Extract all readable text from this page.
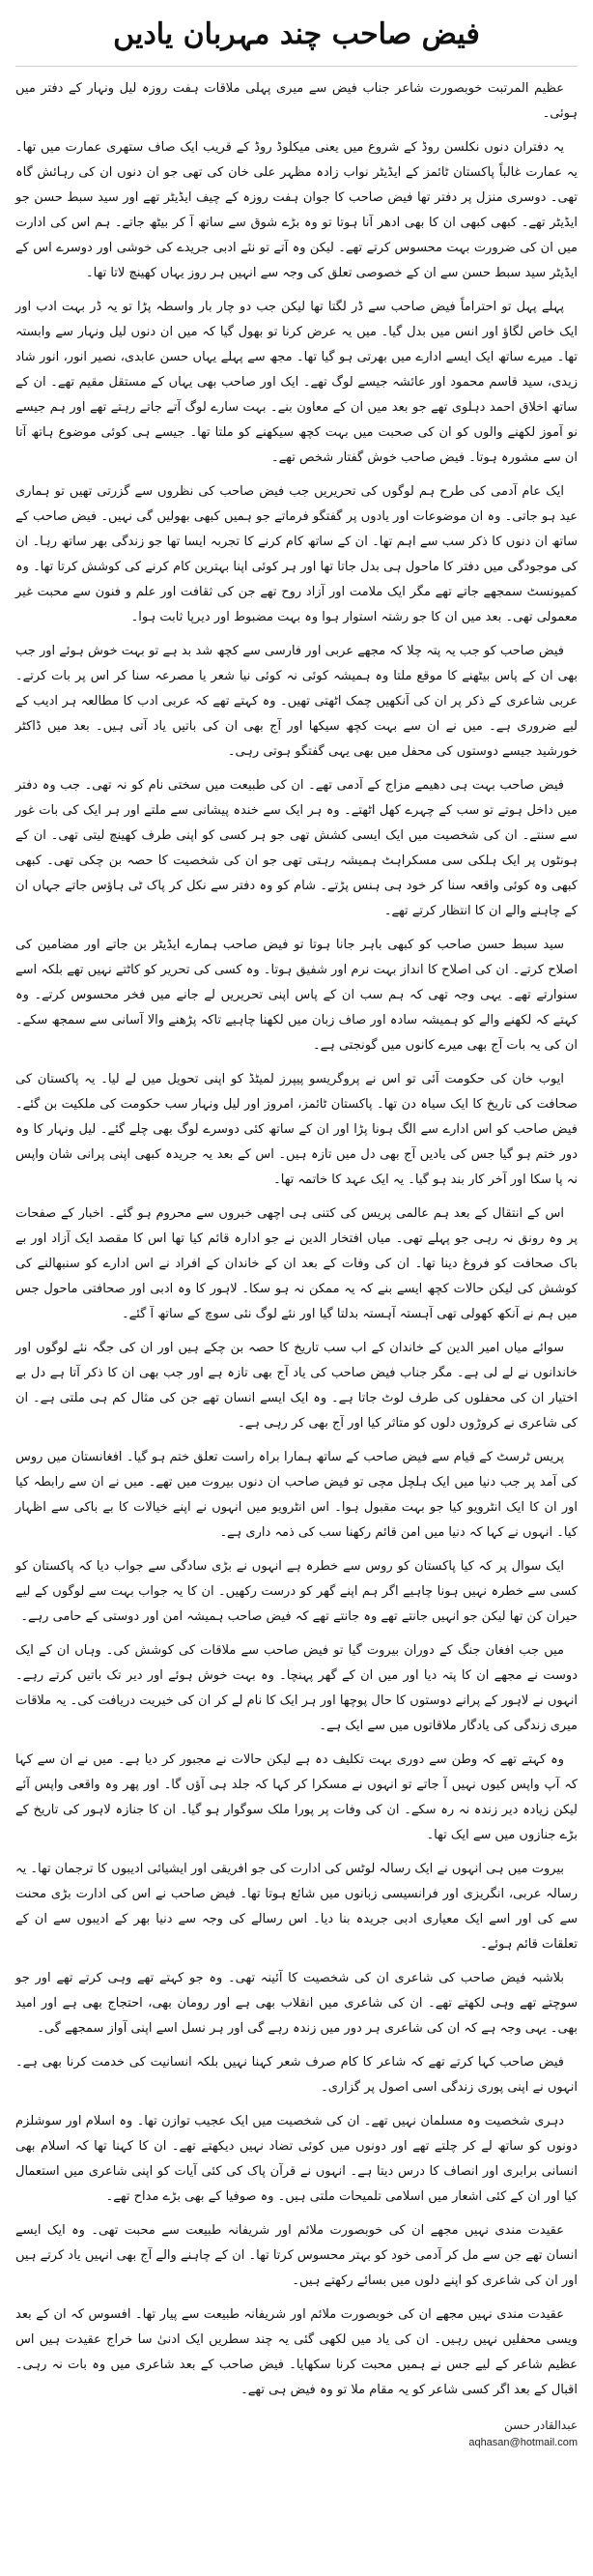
فیض صاحب چند مہربان یادیں

عظیم المرتبت خوبصورت شاعر جناب فیض سے میری پہلی ملاقات ہفت روزہ لیل ونہار کے دفتر میں ہوئی۔

یہ دفتران دنوں نکلسن روڈ کے شروع میں یعنی میکلوڈ روڈ کے قریب ایک صاف ستھری عمارت میں تھا۔ یہ عمارت غالباً پاکستان ٹائمز کے ایڈیٹر نواب زادہ مظہر علی خان کی تھی جو ان دنوں ان کی رہائش گاہ تھی۔ دوسری منزل پر دفتر تھا فیض صاحب کا جوان ہفت روزہ کے چیف ایڈیٹر تھے اور سید سبط حسن جو ایڈیٹر تھے۔ کبھی کبھی ان کا بھی ادھر آنا ہوتا تو وہ بڑے شوق سے ساتھ آ کر بیٹھ جاتے۔ ہم اس کی ادارت میں ان کی ضرورت بہت محسوس کرتے تھے۔ لیکن وہ آتے تو نئے ادبی جریدے کی خوشی اور دوسرے اس کے ایڈیٹر سید سبط حسن سے ان کے خصوصی تعلق کی وجہ سے انہیں ہر روز یہاں کھینچ لاتا تھا۔

پہلے پہل تو احتراماً فیض صاحب سے ڈر لگتا تھا لیکن جب دو چار بار واسطہ پڑا تو یہ ڈر بہت ادب اور ایک خاص لگاؤ اور انس میں بدل گیا۔ میں یہ عرض کرنا تو بھول گیا کہ میں ان دنوں لیل ونہار سے وابستہ تھا۔ میرے ساتھ ایک ایسے ادارے میں بھرتی ہو گیا تھا۔ مجھ سے پہلے یہاں حسن عابدی، نصیر انور، انور شاد زیدی، سید قاسم محمود اور عائشہ جیسے لوگ تھے۔ ایک اور صاحب بھی یہاں کے مستقل مقیم تھے۔ ان کے ساتھ اخلاق احمد دہلوی تھے جو بعد میں ان کے معاون بنے۔ بہت سارے لوگ آتے جاتے رہتے تھے اور ہم جیسے نو آموز لکھنے والوں کو ان کی صحبت میں بہت کچھ سیکھنے کو ملتا تھا۔ جیسے ہی کوئی موضوع ہاتھ آتا ان سے مشورہ ہوتا۔ فیض صاحب خوش گفتار شخص تھے۔

ایک عام آدمی کی طرح ہم لوگوں کی تحریریں جب فیض صاحب کی نظروں سے گزرتی تھیں تو ہماری عید ہو جاتی۔ وہ ان موضوعات اور یادوں پر گفتگو فرماتے جو ہمیں کبھی بھولیں گی نہیں۔ فیض صاحب کے ساتھ ان دنوں کا ذکر سب سے اہم تھا۔ ان کے ساتھ کام کرنے کا تجربہ ایسا تھا جو زندگی بھر ساتھ رہا۔ ان کی موجودگی میں دفتر کا ماحول ہی بدل جاتا تھا اور ہر کوئی اپنا بہترین کام کرنے کی کوشش کرتا تھا۔ وہ کمیونسٹ سمجھے جاتے تھے مگر ایک ملامت اور آزاد روح تھے جن کی ثقافت اور علم و فنون سے محبت غیر معمولی تھی۔ بعد میں ان کا جو رشتہ استوار ہوا وہ بہت مضبوط اور دیرپا ثابت ہوا۔

فیض صاحب کو جب یہ پتہ چلا کہ مجھے عربی اور فارسی سے کچھ شد بد ہے تو بہت خوش ہوئے اور جب بھی ان کے پاس بیٹھنے کا موقع ملتا وہ ہمیشہ کوئی نہ کوئی نیا شعر یا مصرعہ سنا کر اس پر بات کرتے۔ عربی شاعری کے ذکر پر ان کی آنکھیں چمک اٹھتی تھیں۔ وہ کہتے تھے کہ عربی ادب کا مطالعہ ہر ادیب کے لیے ضروری ہے۔ میں نے ان سے بہت کچھ سیکھا اور آج بھی ان کی باتیں یاد آتی ہیں۔ بعد میں ڈاکٹر خورشید جیسے دوستوں کی محفل میں بھی یہی گفتگو ہوتی رہی۔

فیض صاحب بہت ہی دھیمے مزاج کے آدمی تھے۔ ان کی طبیعت میں سختی نام کو نہ تھی۔ جب وہ دفتر میں داخل ہوتے تو سب کے چہرے کھل اٹھتے۔ وہ ہر ایک سے خندہ پیشانی سے ملتے اور ہر ایک کی بات غور سے سنتے۔ ان کی شخصیت میں ایک ایسی کشش تھی جو ہر کسی کو اپنی طرف کھینچ لیتی تھی۔ ان کے ہونٹوں پر ایک ہلکی سی مسکراہٹ ہمیشہ رہتی تھی جو ان کی شخصیت کا حصہ بن چکی تھی۔ کبھی کبھی وہ کوئی واقعہ سنا کر خود ہی ہنس پڑتے۔ شام کو وہ دفتر سے نکل کر پاک ٹی ہاؤس جاتے جہاں ان کے چاہنے والے ان کا انتظار کرتے تھے۔

سید سبط حسن صاحب کو کبھی باہر جانا ہوتا تو فیض صاحب ہمارے ایڈیٹر بن جاتے اور مضامین کی اصلاح کرتے۔ ان کی اصلاح کا انداز بہت نرم اور شفیق ہوتا۔ وہ کسی کی تحریر کو کاٹتے نہیں تھے بلکہ اسے سنوارتے تھے۔ یہی وجہ تھی کہ ہم سب ان کے پاس اپنی تحریریں لے جانے میں فخر محسوس کرتے۔ وہ کہتے کہ لکھنے والے کو ہمیشہ سادہ اور صاف زبان میں لکھنا چاہیے تاکہ پڑھنے والا آسانی سے سمجھ سکے۔ ان کی یہ بات آج بھی میرے کانوں میں گونجتی ہے۔

ایوب خان کی حکومت آئی تو اس نے پروگریسو پیپرز لمیٹڈ کو اپنی تحویل میں لے لیا۔ یہ پاکستان کی صحافت کی تاریخ کا ایک سیاہ دن تھا۔ پاکستان ٹائمز، امروز اور لیل ونہار سب حکومت کی ملکیت بن گئے۔ فیض صاحب کو اس ادارے سے الگ ہونا پڑا اور ان کے ساتھ کئی دوسرے لوگ بھی چلے گئے۔ لیل ونہار کا وہ دور ختم ہو گیا جس کی یادیں آج بھی دل میں تازہ ہیں۔ اس کے بعد یہ جریدہ کبھی اپنی پرانی شان واپس نہ پا سکا اور آخر کار بند ہو گیا۔ یہ ایک عہد کا خاتمہ تھا۔

اس کے انتقال کے بعد ہم عالمی پریس کی کتنی ہی اچھی خبروں سے محروم ہو گئے۔ اخبار کے صفحات پر وہ رونق نہ رہی جو پہلے تھی۔ میاں افتخار الدین نے جو ادارہ قائم کیا تھا اس کا مقصد ایک آزاد اور بے باک صحافت کو فروغ دینا تھا۔ ان کی وفات کے بعد ان کے خاندان کے افراد نے اس ادارے کو سنبھالنے کی کوشش کی لیکن حالات کچھ ایسے بنے کہ یہ ممکن نہ ہو سکا۔ لاہور کا وہ ادبی اور صحافتی ماحول جس میں ہم نے آنکھ کھولی تھی آہستہ آہستہ بدلتا گیا اور نئے لوگ نئی سوچ کے ساتھ آ گئے۔

سوائے میاں امیر الدین کے خاندان کے اب سب تاریخ کا حصہ بن چکے ہیں اور ان کی جگہ نئے لوگوں اور خاندانوں نے لے لی ہے۔ مگر جناب فیض صاحب کی یاد آج بھی تازہ ہے اور جب بھی ان کا ذکر آتا ہے دل بے اختیار ان کی محفلوں کی طرف لوٹ جاتا ہے۔ وہ ایک ایسے انسان تھے جن کی مثال کم ہی ملتی ہے۔ ان کی شاعری نے کروڑوں دلوں کو متاثر کیا اور آج بھی کر رہی ہے۔

پریس ٹرسٹ کے قیام سے فیض صاحب کے ساتھ ہمارا براہ راست تعلق ختم ہو گیا۔ افغانستان میں روس کی آمد پر جب دنیا میں ایک ہلچل مچی تو فیض صاحب ان دنوں بیروت میں تھے۔ میں نے ان سے رابطہ کیا اور ان کا ایک انٹرویو کیا جو بہت مقبول ہوا۔ اس انٹرویو میں انہوں نے اپنے خیالات کا بے باکی سے اظہار کیا۔ انہوں نے کہا کہ دنیا میں امن قائم رکھنا سب کی ذمہ داری ہے۔

ایک سوال پر کہ کیا پاکستان کو روس سے خطرہ ہے انہوں نے بڑی سادگی سے جواب دیا کہ پاکستان کو کسی سے خطرہ نہیں ہونا چاہیے اگر ہم اپنے گھر کو درست رکھیں۔ ان کا یہ جواب بہت سے لوگوں کے لیے حیران کن تھا لیکن جو انہیں جانتے تھے وہ جانتے تھے کہ فیض صاحب ہمیشہ امن اور دوستی کے حامی رہے۔

میں جب افغان جنگ کے دوران بیروت گیا تو فیض صاحب سے ملاقات کی کوشش کی۔ وہاں ان کے ایک دوست نے مجھے ان کا پتہ دیا اور میں ان کے گھر پہنچا۔ وہ بہت خوش ہوئے اور دیر تک باتیں کرتے رہے۔ انہوں نے لاہور کے پرانے دوستوں کا حال پوچھا اور ہر ایک کا نام لے کر ان کی خیریت دریافت کی۔ یہ ملاقات میری زندگی کی یادگار ملاقاتوں میں سے ایک ہے۔

وہ کہتے تھے کہ وطن سے دوری بہت تکلیف دہ ہے لیکن حالات نے مجبور کر دیا ہے۔ میں نے ان سے کہا کہ آپ واپس کیوں نہیں آ جاتے تو انہوں نے مسکرا کر کہا کہ جلد ہی آؤں گا۔ اور پھر وہ واقعی واپس آئے لیکن زیادہ دیر زندہ نہ رہ سکے۔ ان کی وفات پر پورا ملک سوگوار ہو گیا۔ ان کا جنازہ لاہور کی تاریخ کے بڑے جنازوں میں سے ایک تھا۔

بیروت میں ہی انہوں نے ایک رسالہ لوٹس کی ادارت کی جو افریقی اور ایشیائی ادیبوں کا ترجمان تھا۔ یہ رسالہ عربی، انگریزی اور فرانسیسی زبانوں میں شائع ہوتا تھا۔ فیض صاحب نے اس کی ادارت بڑی محنت سے کی اور اسے ایک معیاری ادبی جریدہ بنا دیا۔ اس رسالے کی وجہ سے دنیا بھر کے ادیبوں سے ان کے تعلقات قائم ہوئے۔

بلاشبہ فیض صاحب کی شاعری ان کی شخصیت کا آئینہ تھی۔ وہ جو کہتے تھے وہی کرتے تھے اور جو سوچتے تھے وہی لکھتے تھے۔ ان کی شاعری میں انقلاب بھی ہے اور رومان بھی، احتجاج بھی ہے اور امید بھی۔ یہی وجہ ہے کہ ان کی شاعری ہر دور میں زندہ رہے گی اور ہر نسل اسے اپنی آواز سمجھے گی۔

فیض صاحب کہا کرتے تھے کہ شاعر کا کام صرف شعر کہنا نہیں بلکہ انسانیت کی خدمت کرنا بھی ہے۔ انہوں نے اپنی پوری زندگی اسی اصول پر گزاری۔

دہری شخصیت وہ مسلمان نہیں تھے۔ ان کی شخصیت میں ایک عجیب توازن تھا۔ وہ اسلام اور سوشلزم دونوں کو ساتھ لے کر چلتے تھے اور دونوں میں کوئی تضاد نہیں دیکھتے تھے۔ ان کا کہنا تھا کہ اسلام بھی انسانی برابری اور انصاف کا درس دیتا ہے۔ انہوں نے قرآن پاک کی کئی آیات کو اپنی شاعری میں استعمال کیا اور ان کے کئی اشعار میں اسلامی تلمیحات ملتی ہیں۔ وہ صوفیا کے بھی بڑے مداح تھے۔

عقیدت مندی نہیں مجھے ان کی خوبصورت ملائم اور شریفانہ طبیعت سے محبت تھی۔ وہ ایک ایسے انسان تھے جن سے مل کر آدمی خود کو بہتر محسوس کرتا تھا۔ ان کے چاہنے والے آج بھی انہیں یاد کرتے ہیں اور ان کی شاعری کو اپنے دلوں میں بسائے رکھتے ہیں۔

عقیدت مندی نہیں مجھے ان کی خوبصورت ملائم اور شریفانہ طبیعت سے پیار تھا۔ افسوس کہ ان کے بعد ویسی محفلیں نہیں رہیں۔ ان کی یاد میں لکھی گئی یہ چند سطریں ایک ادنیٰ سا خراج عقیدت ہیں اس عظیم شاعر کے لیے جس نے ہمیں محبت کرنا سکھایا۔ فیض صاحب کے بعد شاعری میں وہ بات نہ رہی۔ اقبال کے بعد اگر کسی شاعر کو یہ مقام ملا تو وہ فیض ہی تھے۔

عبدالقادر حسن
aqhasan@hotmail.com
